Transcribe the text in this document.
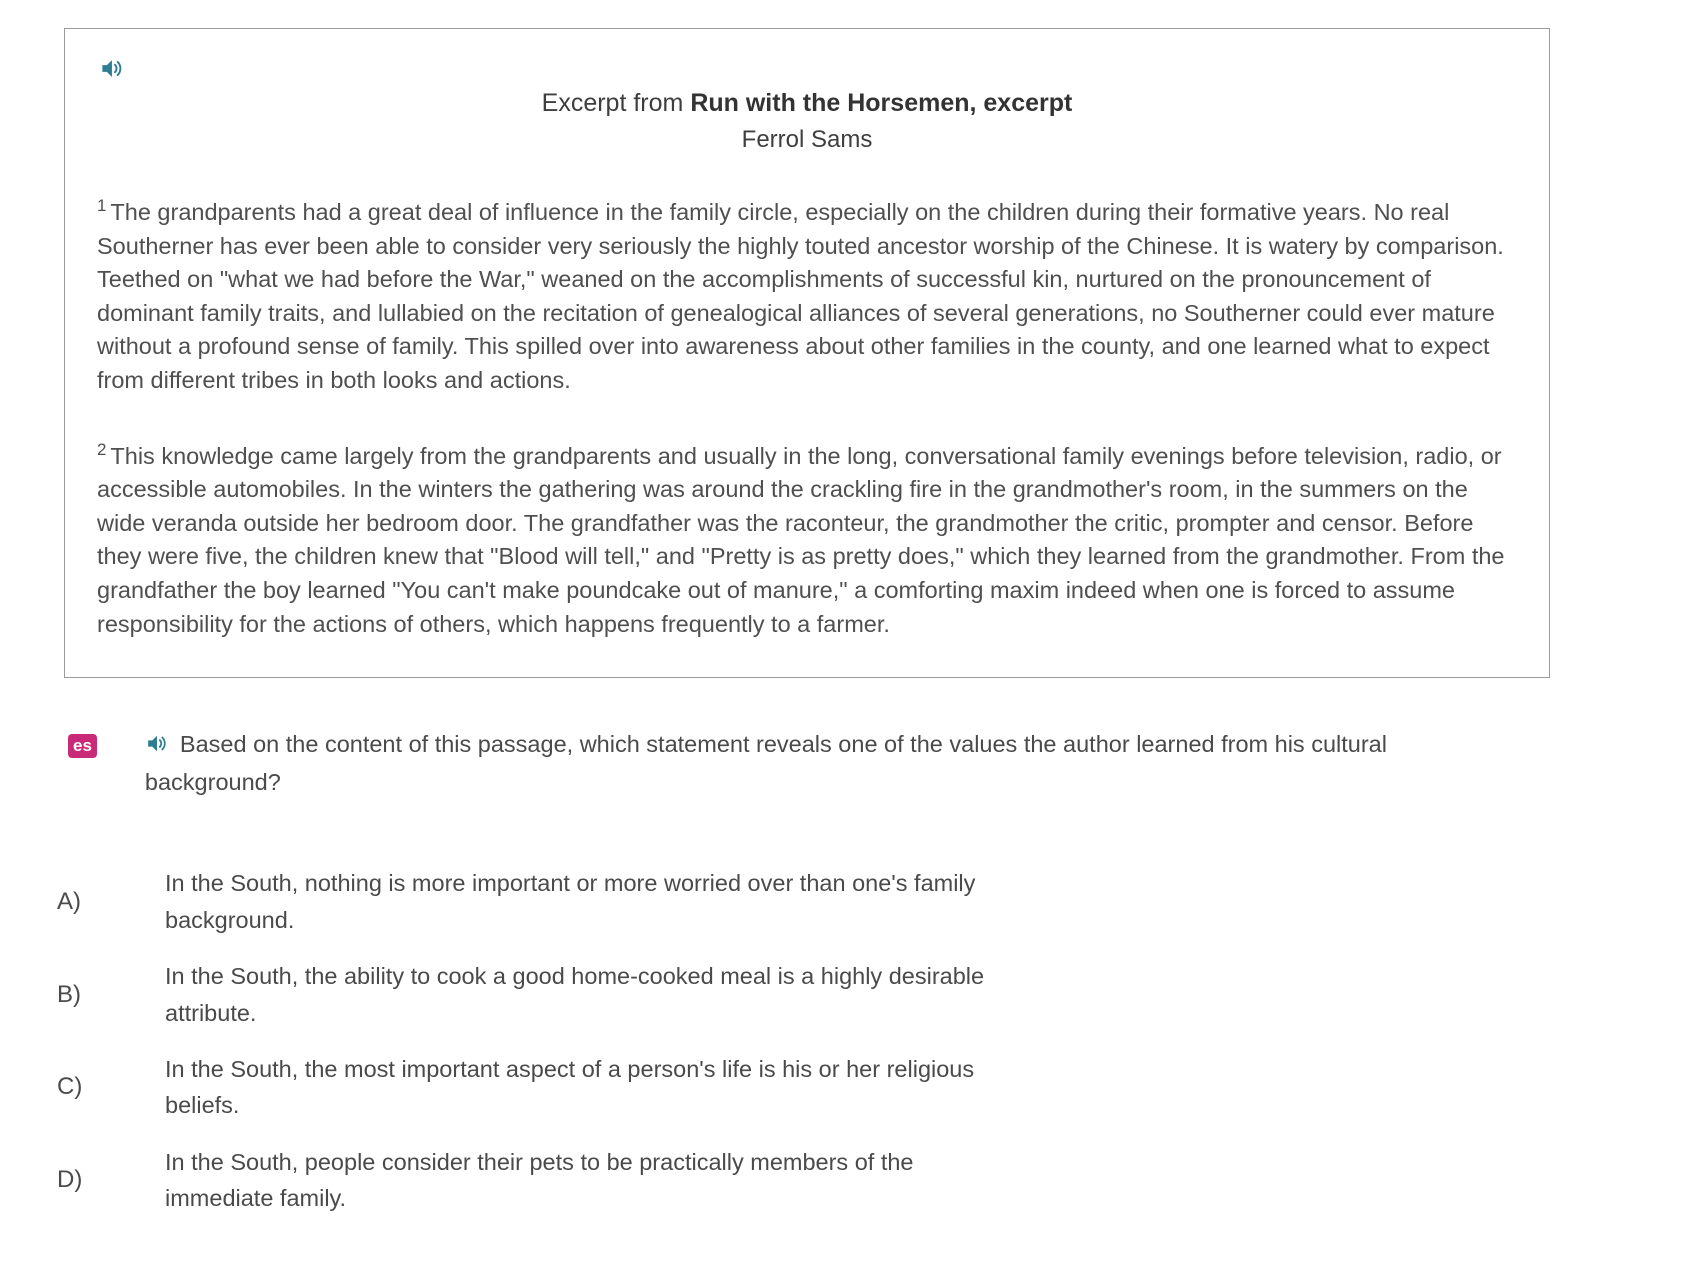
Excerpt from Run with the Horsemen, excerpt
Ferrol Sams

$^1$ The grandparents had a great deal of influence in the family circle, especially on the children during their formative years. No real Southerner has ever been able to consider very seriously the highly touted ancestor worship of the Chinese. It is watery by comparison. Teethed on "what we had before the War," weaned on the accomplishments of successful kin, nurtured on the pronouncement of dominant family traits, and lullabied on the recitation of genealogical alliances of several generations, no Southerner could ever mature without a profound sense of family. This spilled over into awareness about other families in the county, and one learned what to expect from different tribes in both looks and actions.

$^2$ This knowledge came largely from the grandparents and usually in the long, conversational family evenings before television, radio, or accessible automobiles. In the winters the gathering was around the crackling fire in the grandmother's room, in the summers on the wide veranda outside her bedroom door. The grandfather was the raconteur, the grandmother the critic, prompter and censor. Before they were five, the children knew that "Blood will tell," and "Pretty is as pretty does," which they learned from the grandmother. From the grandfather the boy learned "You can't make poundcake out of manure," a comforting maxim indeed when one is forced to assume responsibility for the actions of others, which happens frequently to a farmer.

es	Based on the content of this passage, which statement reveals one of the values the author learned from his cultural background?
A)
In the South, nothing is more important or more worried over than one's family background.
B)
In the South, the ability to cook a good home-cooked meal is a highly desirable attribute.
C)
In the South, the most important aspect of a person's life is his or her religious beliefs.
D)
In the South, people consider their pets to be practically members of the immediate family.
